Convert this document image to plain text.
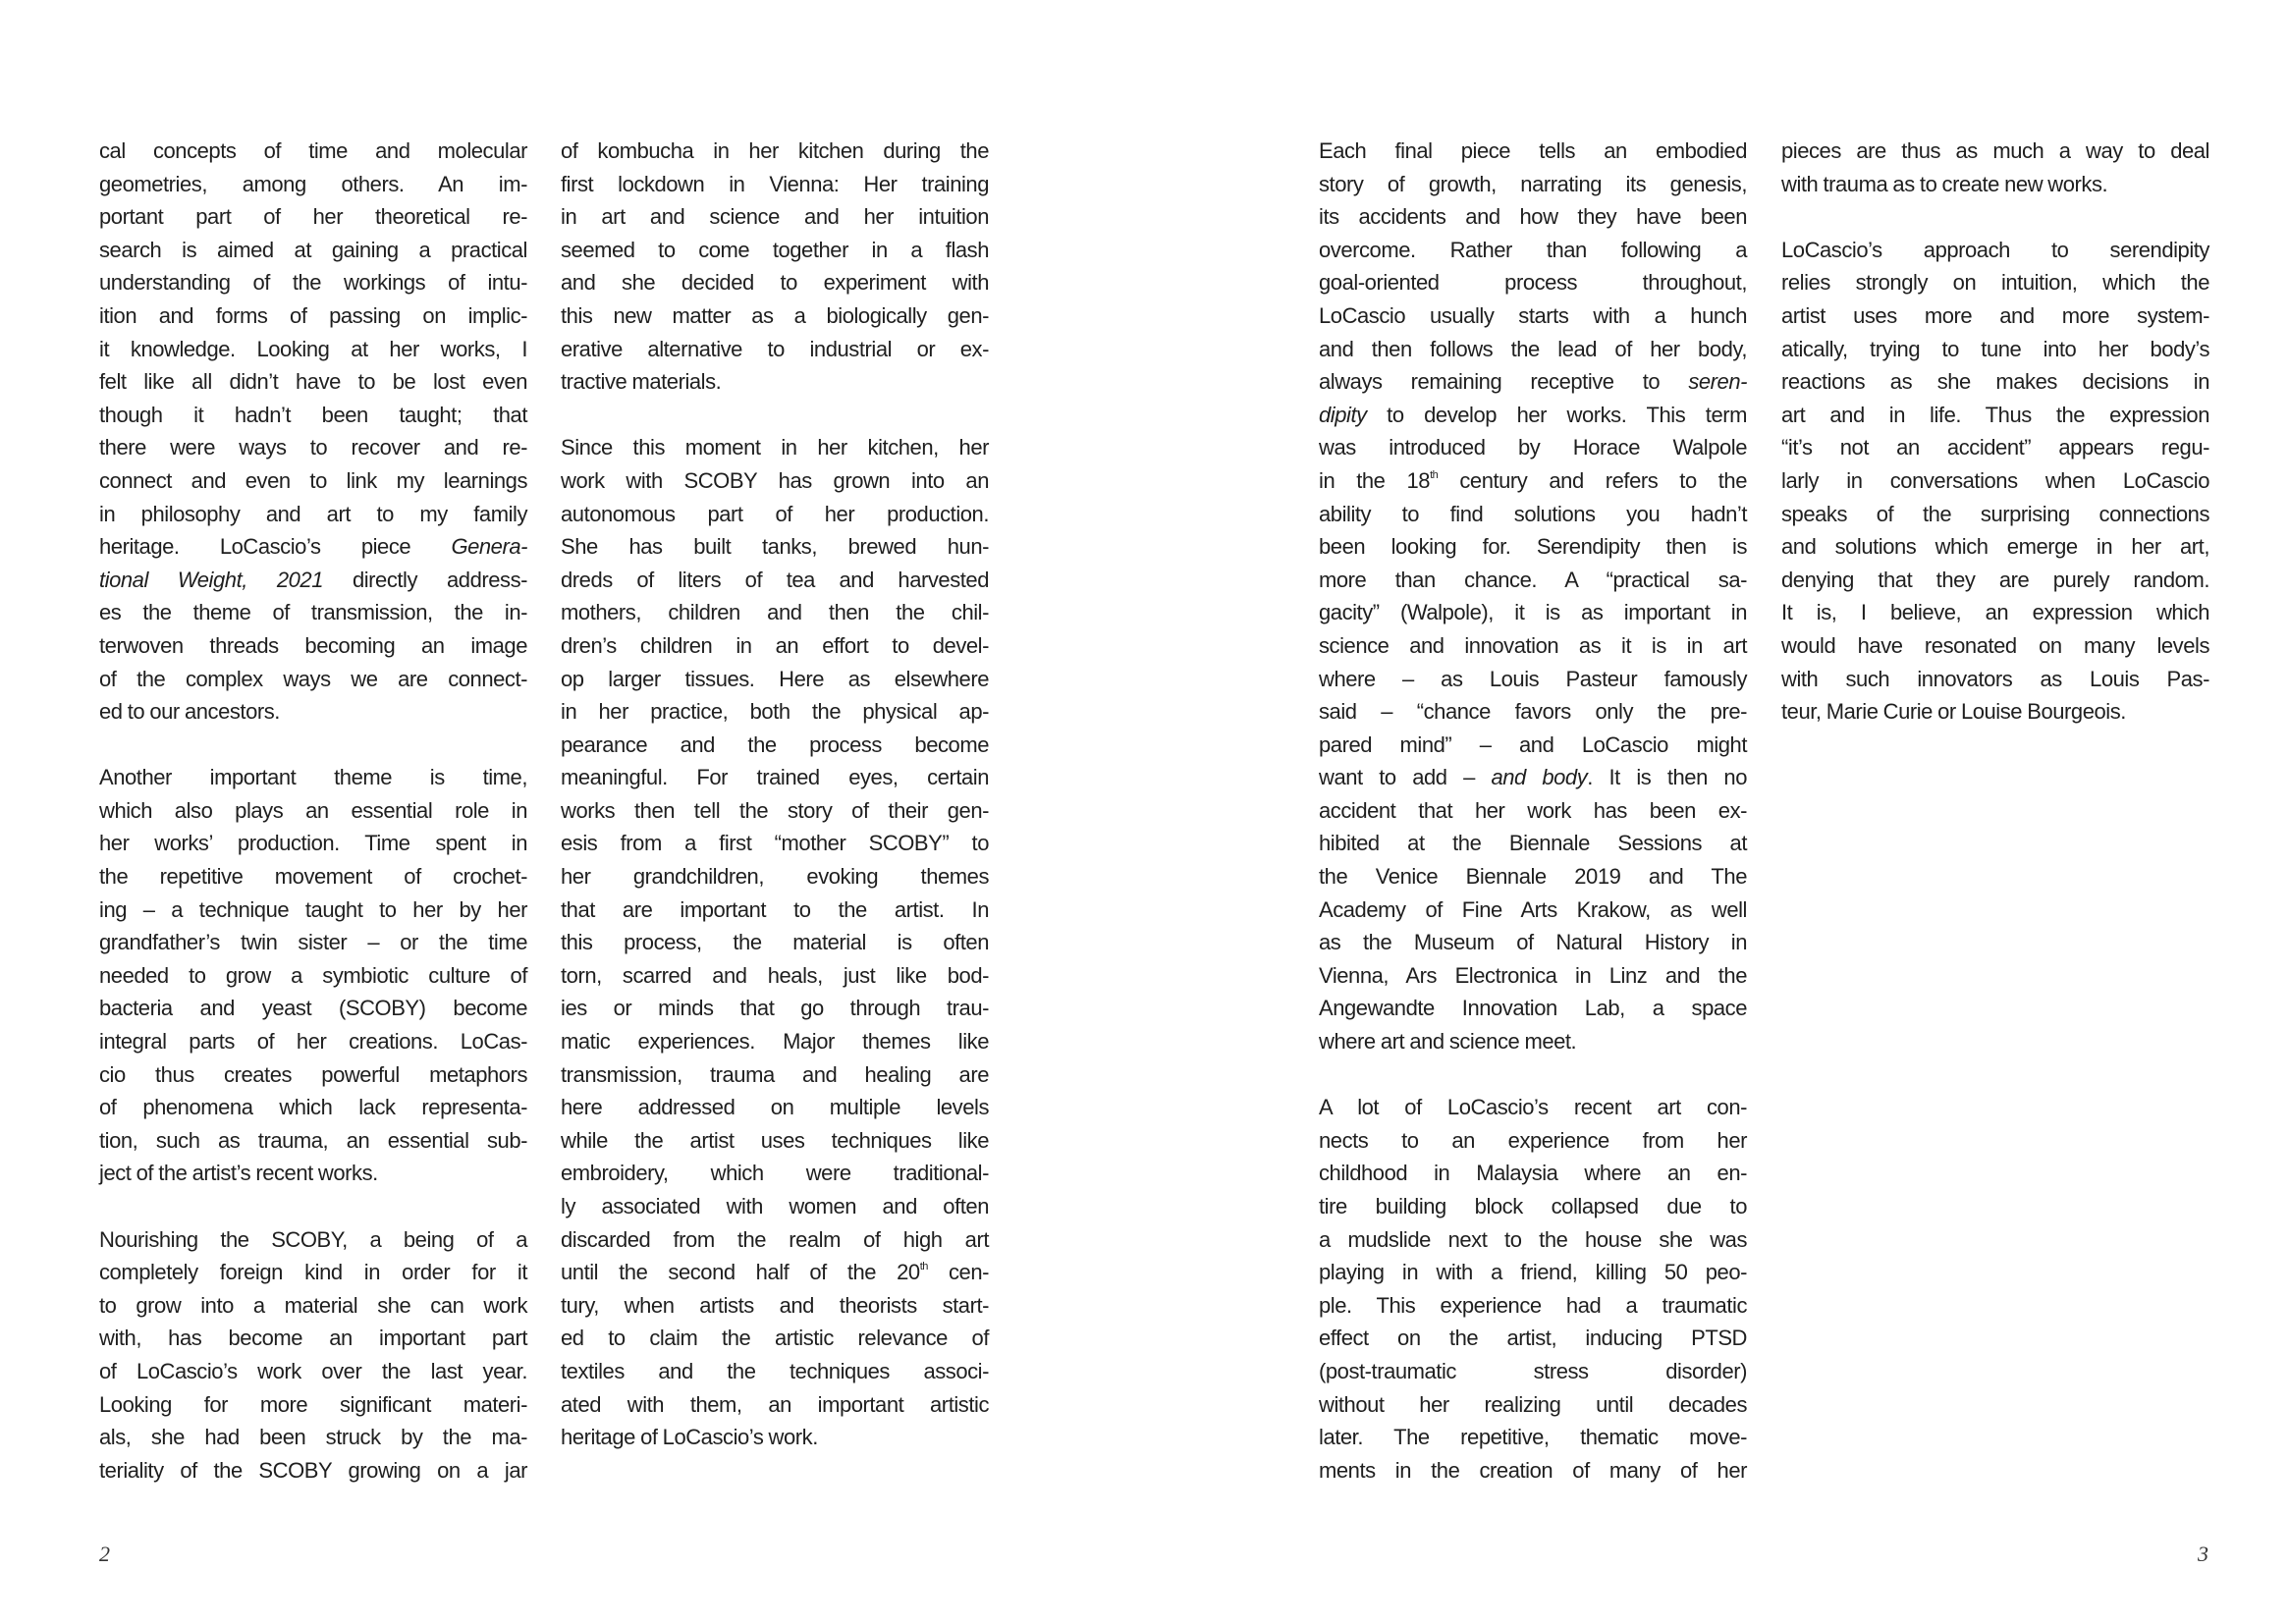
cal concepts of time and molecular
geometries, among others. An im-
portant part of her theoretical re-
search is aimed at gaining a practical
understanding of the workings of intu-
ition and forms of passing on implic-
it knowledge. Looking at her works, I
felt like all didn’t have to be lost even
though it hadn’t been taught; that
there were ways to recover and re-
connect and even to link my learnings
in philosophy and art to my family
heritage. LoCascio’s piece Genera-
tional Weight, 2021 directly address-
es the theme of transmission, the in-
terwoven threads becoming an image
of the complex ways we are connect-
ed to our ancestors.
Another important theme is time,
which also plays an essential role in
her works’ production. Time spent in
the repetitive movement of crochet-
ing – a technique taught to her by her
grandfather’s twin sister – or the time
needed to grow a symbiotic culture of
bacteria and yeast (SCOBY) become
integral parts of her creations. LoCas-
cio thus creates powerful metaphors
of phenomena which lack representa-
tion, such as trauma, an essential sub-
ject of the artist’s recent works.
Nourishing the SCOBY, a being of a
completely foreign kind in order for it
to grow into a material she can work
with, has become an important part
of LoCascio’s work over the last year.
Looking for more significant materi-
als, she had been struck by the ma-
teriality of the SCOBY growing on a jar
of kombucha in her kitchen during the
first lockdown in Vienna: Her training
in art and science and her intuition
seemed to come together in a flash
and she decided to experiment with
this new matter as a biologically gen-
erative alternative to industrial or ex-
tractive materials.
Since this moment in her kitchen, her
work with SCOBY has grown into an
autonomous part of her production.
She has built tanks, brewed hun-
dreds of liters of tea and harvested
mothers, children and then the chil-
dren’s children in an effort to devel-
op larger tissues. Here as elsewhere
in her practice, both the physical ap-
pearance and the process become
meaningful. For trained eyes, certain
works then tell the story of their gen-
esis from a first “mother SCOBY” to
her grandchildren, evoking themes
that are important to the artist. In
this process, the material is often
torn, scarred and heals, just like bod-
ies or minds that go through trau-
matic experiences. Major themes like
transmission, trauma and healing are
here addressed on multiple levels
while the artist uses techniques like
embroidery, which were traditional-
ly associated with women and often
discarded from the realm of high art
until the second half of the 20th cen-
tury, when artists and theorists start-
ed to claim the artistic relevance of
textiles and the techniques associ-
ated with them, an important artistic
heritage of LoCascio’s work.
2
Each final piece tells an embodied
story of growth, narrating its genesis,
its accidents and how they have been
overcome. Rather than following a
goal-oriented process throughout,
LoCascio usually starts with a hunch
and then follows the lead of her body,
always remaining receptive to seren-
dipity to develop her works. This term
was introduced by Horace Walpole
in the 18th century and refers to the
ability to find solutions you hadn’t
been looking for. Serendipity then is
more than chance. A “practical sa-
gacity” (Walpole), it is as important in
science and innovation as it is in art
where – as Louis Pasteur famously
said – “chance favors only the pre-
pared mind” – and LoCascio might
want to add – and body. It is then no
accident that her work has been ex-
hibited at the Biennale Sessions at
the Venice Biennale 2019 and The
Academy of Fine Arts Krakow, as well
as the Museum of Natural History in
Vienna, Ars Electronica in Linz and the
Angewandte Innovation Lab, a space
where art and science meet.
A lot of LoCascio’s recent art con-
nects to an experience from her
childhood in Malaysia where an en-
tire building block collapsed due to
a mudslide next to the house she was
playing in with a friend, killing 50 peo-
ple. This experience had a traumatic
effect on the artist, inducing PTSD
(post-traumatic stress disorder)
without her realizing until decades
later. The repetitive, thematic move-
ments in the creation of many of her
pieces are thus as much a way to deal
with trauma as to create new works.
LoCascio’s approach to serendipity
relies strongly on intuition, which the
artist uses more and more system-
atically, trying to tune into her body’s
reactions as she makes decisions in
art and in life. Thus the expression
“it’s not an accident” appears regu-
larly in conversations when LoCascio
speaks of the surprising connections
and solutions which emerge in her art,
denying that they are purely random.
It is, I believe, an expression which
would have resonated on many levels
with such innovators as Louis Pas-
teur, Marie Curie or Louise Bourgeois.
3
